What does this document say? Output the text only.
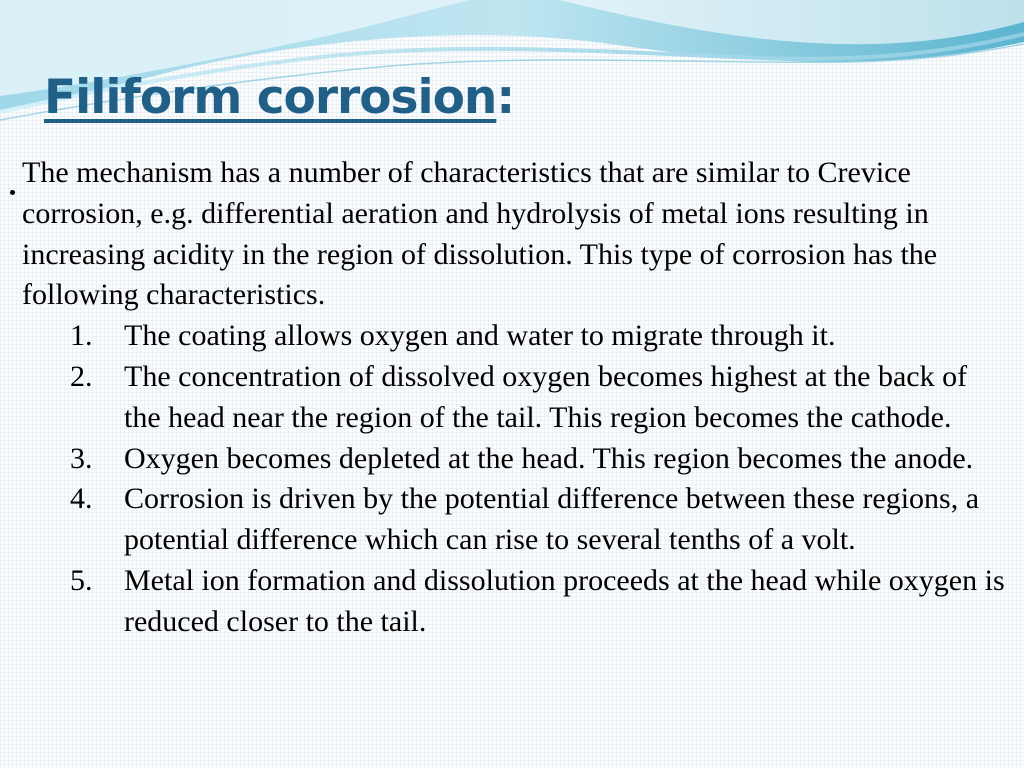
Filiform corrosion:

The mechanism has a number of characteristics that are similar to Crevice corrosion, e.g. differential aeration and hydrolysis of metal ions resulting in increasing acidity in the region of dissolution. This type of corrosion has the following characteristics.

1. The coating allows oxygen and water to migrate through it.
2. The concentration of dissolved oxygen becomes highest at the back of the head near the region of the tail. This region becomes the cathode.
3. Oxygen becomes depleted at the head. This region becomes the anode.
4. Corrosion is driven by the potential difference between these regions, a potential difference which can rise to several tenths of a volt.
5. Metal ion formation and dissolution proceeds at the head while oxygen is reduced closer to the tail.
